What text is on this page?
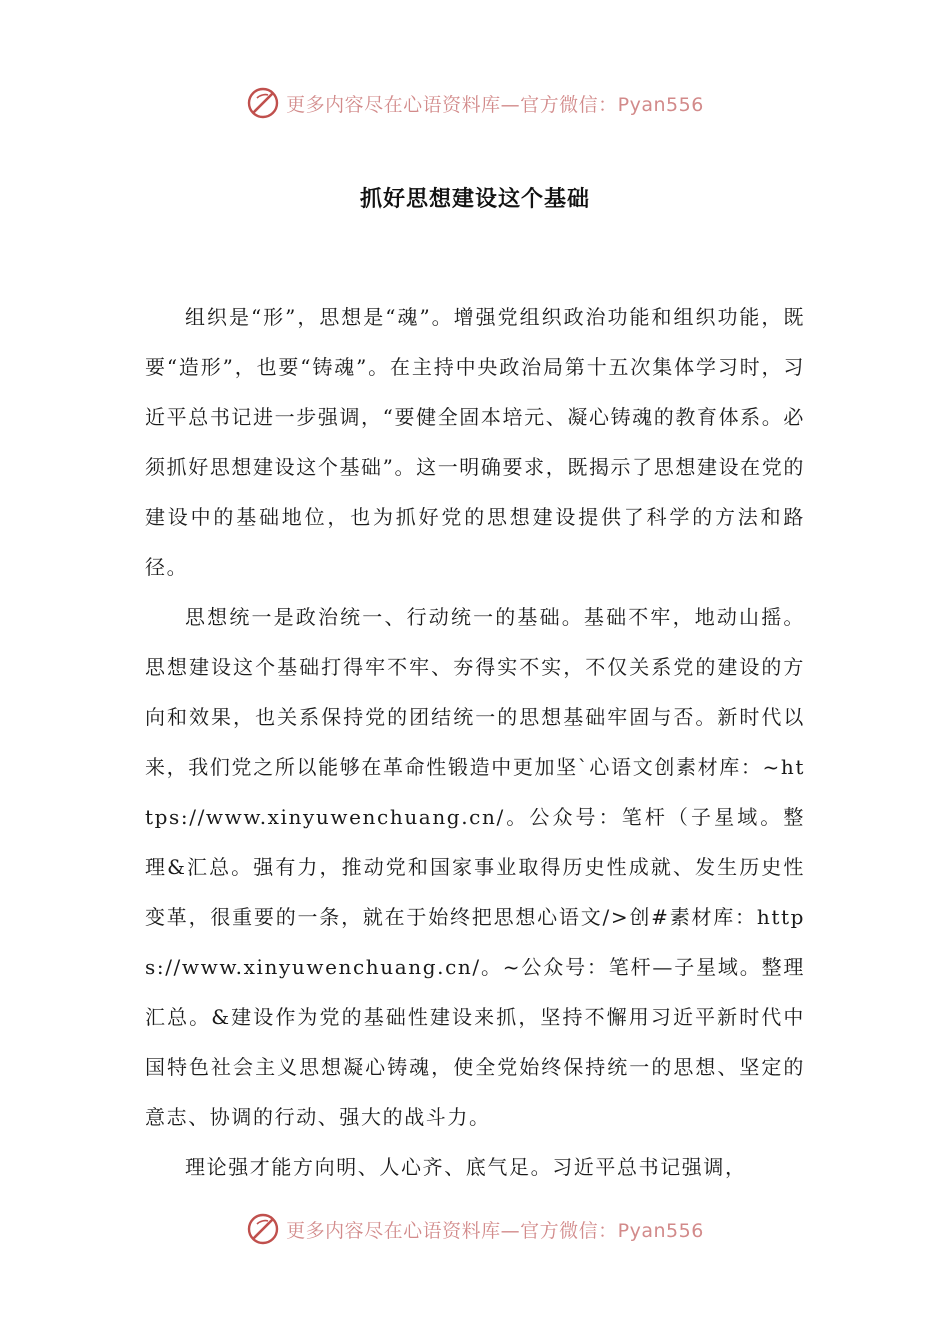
更多内容尽在心语资料库—官方微信：Pyan556
抓好思想建设这个基础

组织是“形”，思想是“魂”。增强党组织政治功能和组织功能，既要“造形”，也要“铸魂”。在主持中央政治局第十五次集体学习时，习近平总书记进一步强调，“要健全固本培元、凝心铸魂的教育体系。必须抓好思想建设这个基础”。这一明确要求，既揭示了思想建设在党的建设中的基础地位，也为抓好党的思想建设提供了科学的方法和路径。

思想统一是政治统一、行动统一的基础。基础不牢，地动山摇。思想建设这个基础打得牢不牢、夯得实不实，不仅关系党的建设的方向和效果，也关系保持党的团结统一的思想基础牢固与否。新时代以来，我们党之所以能够在革命性锻造中更加坚`心语文创素材库：~https://www.xinyuwenchuang.cn/。公众号：笔杆（子星域。整理&汇总。强有力，推动党和国家事业取得历史性成就、发生历史性变革，很重要的一条，就在于始终把思想心语文/>创#素材库：https://www.xinyuwenchuang.cn/。~公众号：笔杆—子星域。整理汇总。&建设作为党的基础性建设来抓，坚持不懈用习近平新时代中国特色社会主义思想凝心铸魂，使全党始终保持统一的思想、坚定的意志、协调的行动、强大的战斗力。

理论强才能方向明、人心齐、底气足。习近平总书记强调，

更多内容尽在心语资料库—官方微信：Pyan556
